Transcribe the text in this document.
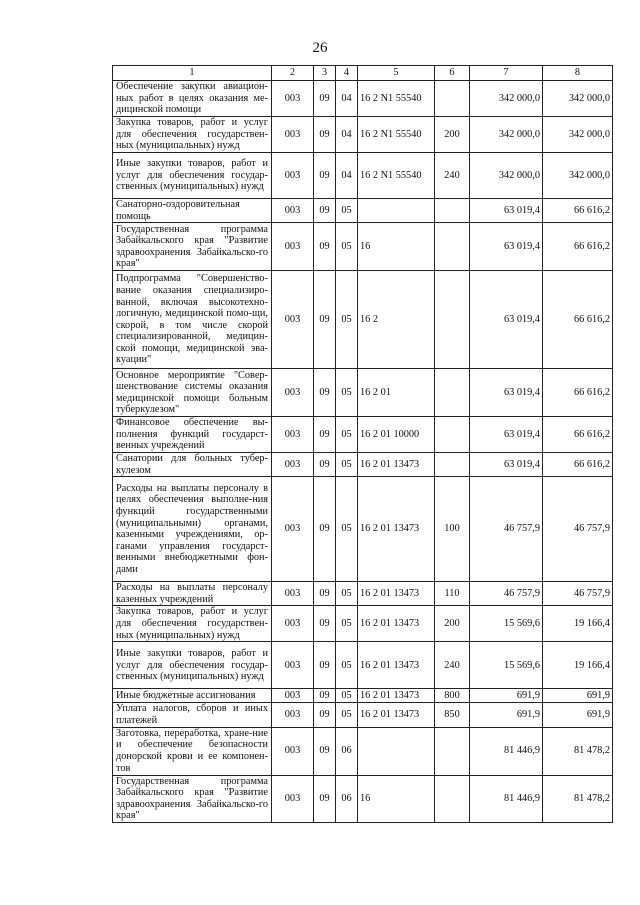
26
1	2	3	4	5	6	7	8
Обеспечение закупки авиацион-ных работ в целях оказания ме-дицинской помощи	003	09	04	16 2 N1 55540		342 000,0	342 000,0
Закупка товаров, работ и услуг для обеспечения государствен-ных (муниципальных) нужд	003	09	04	16 2 N1 55540	200	342 000,0	342 000,0
Иные закупки товаров, работ и услуг для обеспечения государ-ственных (муниципальных) нужд	003	09	04	16 2 N1 55540	240	342 000,0	342 000,0
Санаторно-оздоровительная помощь	003	09	05			63 019,4	66 616,2
Государственная программа Забайкальского края "Развитие здравоохранения Забайкальско-го края"	003	09	05	16		63 019,4	66 616,2
Подпрограмма "Совершенство-вание оказания специализиро-ванной, включая высокотехно-логичную, медицинской помо-щи, скорой, в том числе скорой специализированной, медицин-ской помощи, медицинской эва-куации"	003	09	05	16 2		63 019,4	66 616,2
Основное мероприятие "Совер-шенствование системы оказания медицинской помощи больным туберкулезом"	003	09	05	16 2 01		63 019,4	66 616,2
Финансовое обеспечение вы-полнения функций государст-венных учреждений	003	09	05	16 2 01 10000		63 019,4	66 616,2
Санатории для больных тубер-кулезом	003	09	05	16 2 01 13473		63 019,4	66 616,2
Расходы на выплаты персоналу в целях обеспечения выполне-ния функций государственными (муниципальными) органами, казенными учреждениями, ор-ганами управления государст-венными внебюджетными фон-дами	003	09	05	16 2 01 13473	100	46 757,9	46 757,9
Расходы на выплаты персоналу казенных учреждений	003	09	05	16 2 01 13473	110	46 757,9	46 757,9
Закупка товаров, работ и услуг для обеспечения государствен-ных (муниципальных) нужд	003	09	05	16 2 01 13473	200	15 569,6	19 166,4
Иные закупки товаров, работ и услуг для обеспечения государ-ственных (муниципальных) нужд	003	09	05	16 2 01 13473	240	15 569,6	19 166,4
Иные бюджетные ассигнования	003	09	05	16 2 01 13473	800	691,9	691,9
Уплата налогов, сборов и иных платежей	003	09	05	16 2 01 13473	850	691,9	691,9
Заготовка, переработка, хране-ние и обеспечение безопасности донорской крови и ее компонен-тов	003	09	06			81 446,9	81 478,2
Государственная программа Забайкальского края "Развитие здравоохранения Забайкальско-го края"	003	09	06	16		81 446,9	81 478,2
